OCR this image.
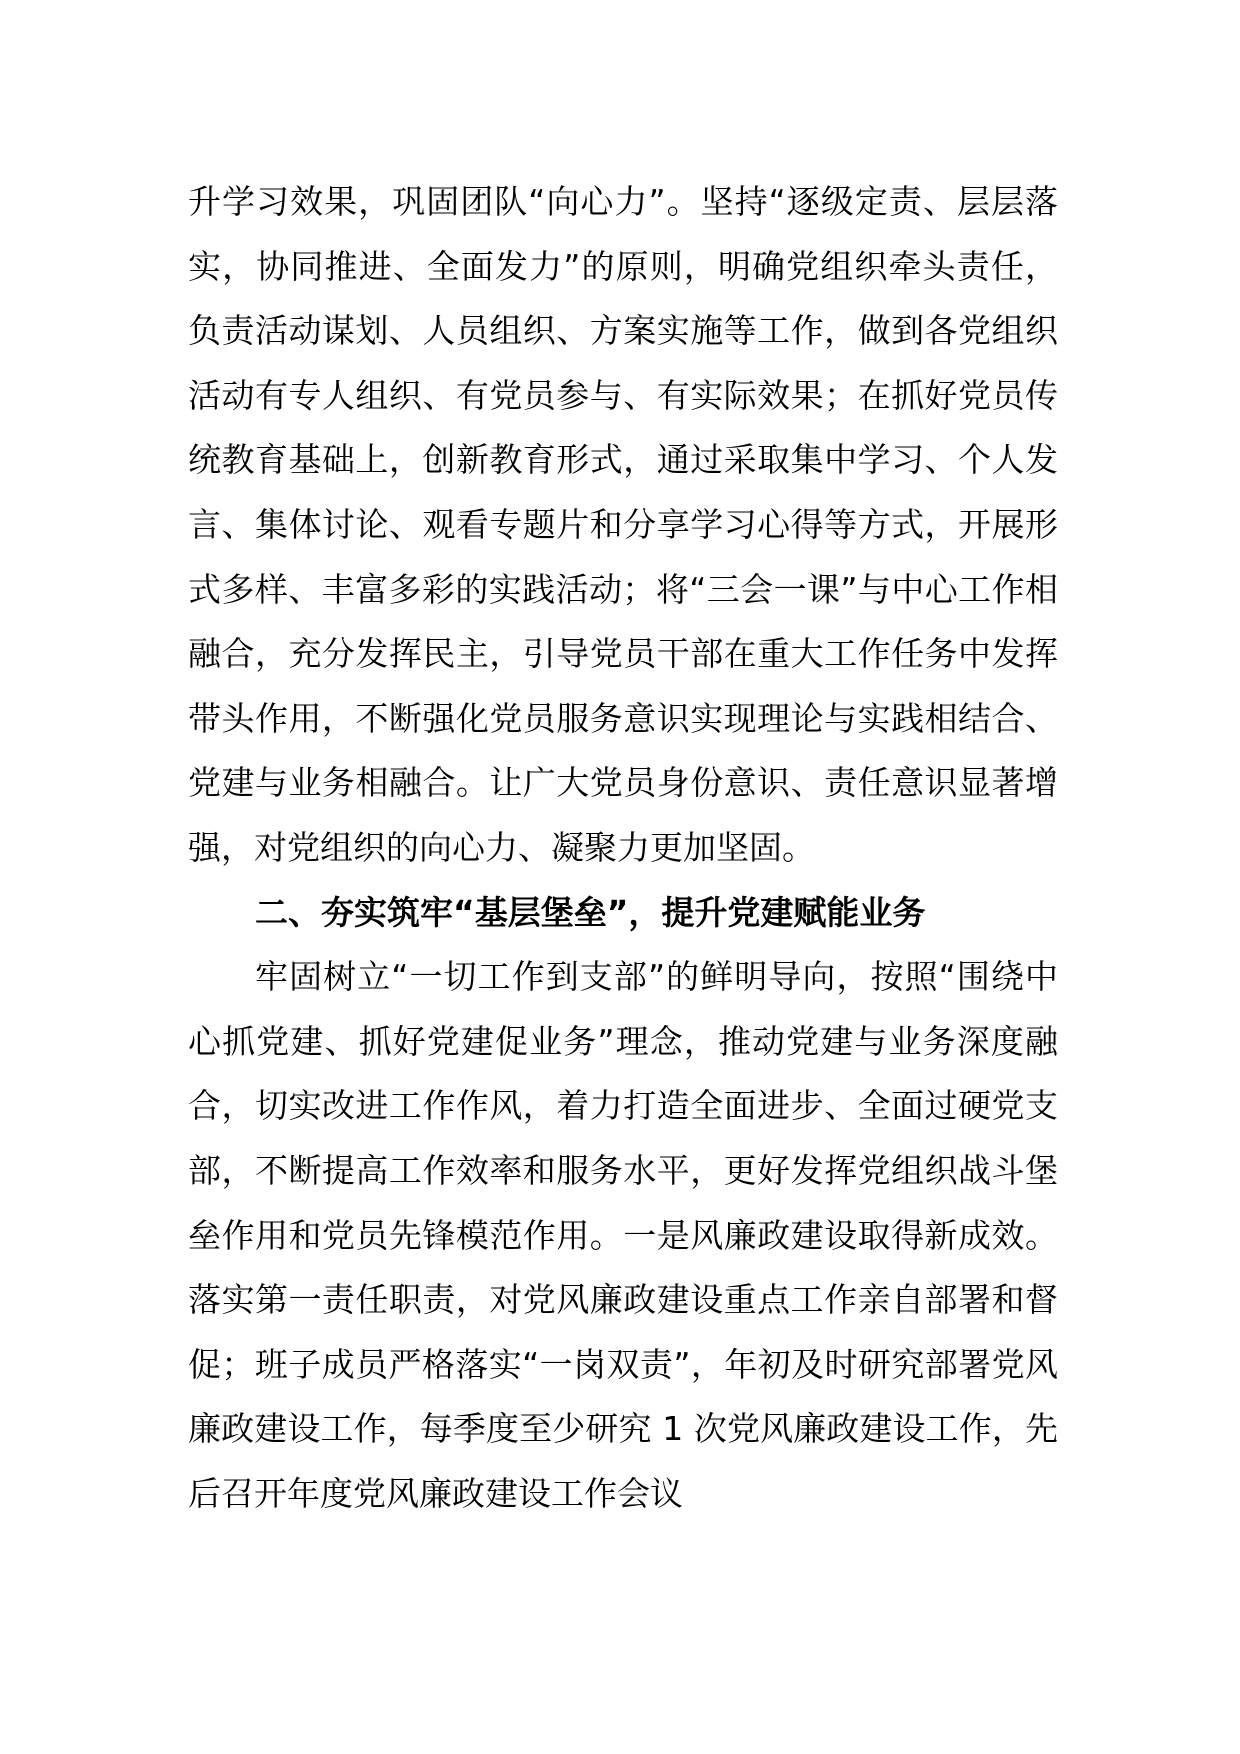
升学习效果，巩固团队“向心力”。坚持“逐级定责、层层落实，协同推进、全面发力”的原则，明确党组织牵头责任，负责活动谋划、人员组织、方案实施等工作，做到各党组织活动有专人组织、有党员参与、有实际效果；在抓好党员传统教育基础上，创新教育形式，通过采取集中学习、个人发言、集体讨论、观看专题片和分享学习心得等方式，开展形式多样、丰富多彩的实践活动；将“三会一课”与中心工作相融合，充分发挥民主，引导党员干部在重大工作任务中发挥带头作用，不断强化党员服务意识实现理论与实践相结合、党建与业务相融合。让广大党员身份意识、责任意识显著增强，对党组织的向心力、凝聚力更加坚固。

二、夯实筑牢“基层堡垒”，提升党建赋能业务

牢固树立“一切工作到支部”的鲜明导向，按照“围绕中心抓党建、抓好党建促业务”理念，推动党建与业务深度融合，切实改进工作作风，着力打造全面进步、全面过硬党支部，不断提高工作效率和服务水平，更好发挥党组织战斗堡垒作用和党员先锋模范作用。一是风廉政建设取得新成效。落实第一责任职责，对党风廉政建设重点工作亲自部署和督促；班子成员严格落实“一岗双责”，年初及时研究部署党风廉政建设工作，每季度至少研究 1 次党风廉政建设工作，先后召开年度党风廉政建设工作会议
